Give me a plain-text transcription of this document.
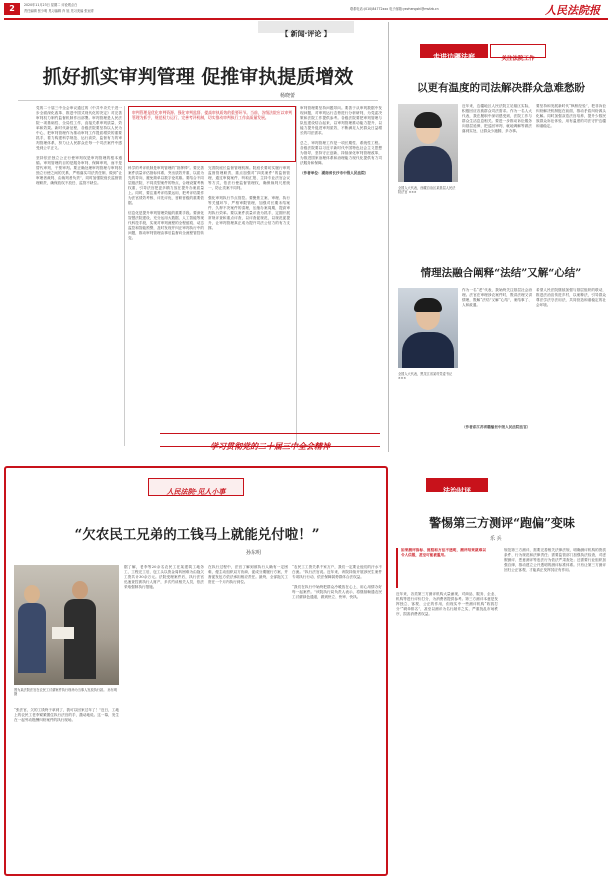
2	2020年11月23日 星期二 评论观点白
责任编辑 张少明 见习编辑 肖 旭 见习美编 张冠青	联系电话:(010)84772xxx 电子邮箱:yezhengshi@msfzb.cn	人民法院报
【 新闻·评论 】
抓好抓实审判管理 促推审执提质增效
杨晓蕾
审判管理是优化审判资源、强化审判监督、提高审执质效的重要环节。当前，各级法院应以审判管理为抓手，规范权力运行，完善考评机制，切实推动审判执行工作高质量发展。
党的二十届三中全会审议通过的《中共中央关于进一步全面深化改革、推进中国式现代化的决定》对完善审判权力制约监督机制作出部署。审判管理是人民法院一项基础性、全局性工作，直接关系审判质量、效率和效果。新时代新征程，各级法院要坚持以人民为中心，把审判管理作为推动审判工作提质增效的重要抓手，着力构建科学规范、运行高效、监督有力的审判管理体系，努力让人民群众在每一个司法案件中感受到公平正义。

坚持依法独立公正行使审判权是审判管理的根本遵循。审判管理的目的是服务审判、保障审判，而不是替代审判、干预审判。要正确处理审判管理与审判权独立行使之间的关系，严格落实司法责任制，做到“让审理者裁判、由裁判者负责”，同时加强院庭长监督管理职责，确保放权不放任、监管不缺位。
科学的考评机制是审判管理的“指挥棒”。要完善案件质量评估指标体系，突出质效并重、以质为先的导向，避免简单以数字论英雄。要结合不同层级法院、不同类型案件的特点，合理设置考核权重，引导法官把更多精力放在提升办案质量上。同时，要注重考评结果运用，把考评结果作为法官绩效考核、评先评优、晋职晋级的重要依据。

信息化是提升审判管理效能的重要手段。要深化智慧法院建设，充分运用大数据、人工智能等现代科技手段，实现对审判流程的全程留痕、动态监控和智能预警，及时发现并纠正审判执行中的问题，推动审判管理由事后监督向全流程管控转变。
完善院庭长监督管理机制。院庭长要切实履行审判监督管理职责，重点加强对“四类案件”的监督管理，通过审阅案件、听取汇报、主持专业法官会议等方式，依法行使监督管理权，确保裁判尺度统一，防止类案不同判。

强化审判执行节点管控。要聚焦立案、审理、执行等关键环节，严格审限管理，加强对长期未结案件、久押不决案件的清理，压缩办案周期，提高审判执行效率。要以案件质量评查为抓手，定期开展常规评查和重点评查，以评查促规范，以规范促提升，让审判管理真正成为提升司法公信力的有力支撑。
审判管理要坚持问题导向。要善于从审判数据中发现问题，对审判运行态势进行分析研判，为党委决策和法院工作提供参考。各级法院要把审判管理与队伍建设结合起来，以审判管理推动能力提升，以能力提升促进审判质效，不断满足人民群众日益增长的司法需求。

总之，审判管理工作是一项长期性、系统性工程。各级法院要以习近平新时代中国特色社会主义思想为指导，坚持守正创新，持续深化审判管理改革，为推进国家治理体系和治理能力现代化提供有力司法服务和保障。

（作者单位：湖南省长沙市中级人民法院）
学习贯彻党的二十届三中全会精神
走进边疆法庭	关注法院工作
以更有温度的司法解决群众急难愁盼
全国人大代表，西藏自治区某基层人民法院法官 ×××
近年来，边疆地区人民法院立足辖区实际，积极回应各族群众司法需求。作为一名人大代表，我在履职中深切感受到，法院工作与群众生活息息相关。要进一步推动诉讼服务向基层延伸，把巡回审判、就地调解等做法落到实处，让群众少跑腿、多办事。
要坚持和发展新时代“枫桥经验”，把非诉讼纠纷解决机制挺在前面，推动矛盾纠纷源头化解。同时加强双语法官培养，提升少数民族群众诉讼体验，用有温度的司法守护边疆和谐稳定。
情理法融合阐释“法结”又解“心结”
全国人大代表，黑龙江省某村党委书记 ×××
作为一名“老”代表，我始终关注基层社会治理。法官在审理涉农案件时，既讲法理又讲情理，既解“法结”又解“心结”，案结事了、人和政通。
希望人民法院继续加强与基层组织的联动，推进法治宣传进乡村，以案释法，引导群众尊法学法守法用法，共同营造和谐稳定的社会环境。
（作者系江苏省赣榆县中级人民法院法官）
人民法院·见人小事
“欠农民工兄弟的工钱马上就能兑付啦！”
孙东明
图为某法院法官在农民工讨薪案件执行现场为当事人发放执行款。 孙东明 摄
“张法官，欠的工钱终于拿到了，我可以回家过年了！”近日，工地上的农民工老李紧紧握住执行法官的手，激动地说。这一幕，发生在一起劳动报酬纠纷案件的执行现场。
据了解，老李等20余名农民工在某建筑工地务工，工程完工后，包工头以资金周转困难为由拖欠工资共计30余万元。法院受理案件后，执行法官迅速查控被执行人财产，多次约谈相关人员，依法采取强制执行措施。
在执行过程中，法官了解到被执行人确有一定困难，便主动组织双方协商，促成分期履行方案，并督促发包方依法承担相应责任。最终，全部拖欠工资在一个月内执行到位。
“农民工工资关系千家万户，我们一定要让他们的汗水不白流。”执行法官说。近年来，该院持续开展涉民生案件专项执行行动，依法保障弱势群体合法权益。

“我们在执行中始终把群众冷暖放在心上，用心用情办好每一起案件。”该院执行局负责人表示，将继续畅通农民工讨薪绿色通道，做到快立、快审、快执。
法治时评
警惕第三方测评“跑偏”变味
乐 兵
如果测评指标、流程和方法不透明，测评结果就难以令人信服，甚至可能被滥用。
近年来，各类第三方测评机构大量涌现，对商品、服务、企业、机构等进行评价打分，为消费者提供参考。第三方测评本意是发挥独立、客观、公正的作用，但现实中一些测评机构“收钱打分”“刷单排名”，甚至以测评为名行敲诈之实，严重扰乱市场秩序，损害消费者权益。
规范第三方测评，需要完善相关法律法规，明确测评机构的资质条件、行为规范和法律责任；需要监管部门加强执法检查，对虚假测评、恶意测评等违法行为依法严肃查处；还需要行业组织加强自律，推动建立公开透明的测评标准体系。只有让第三方测评回归公正客观，才能真正发挥其应有作用。
